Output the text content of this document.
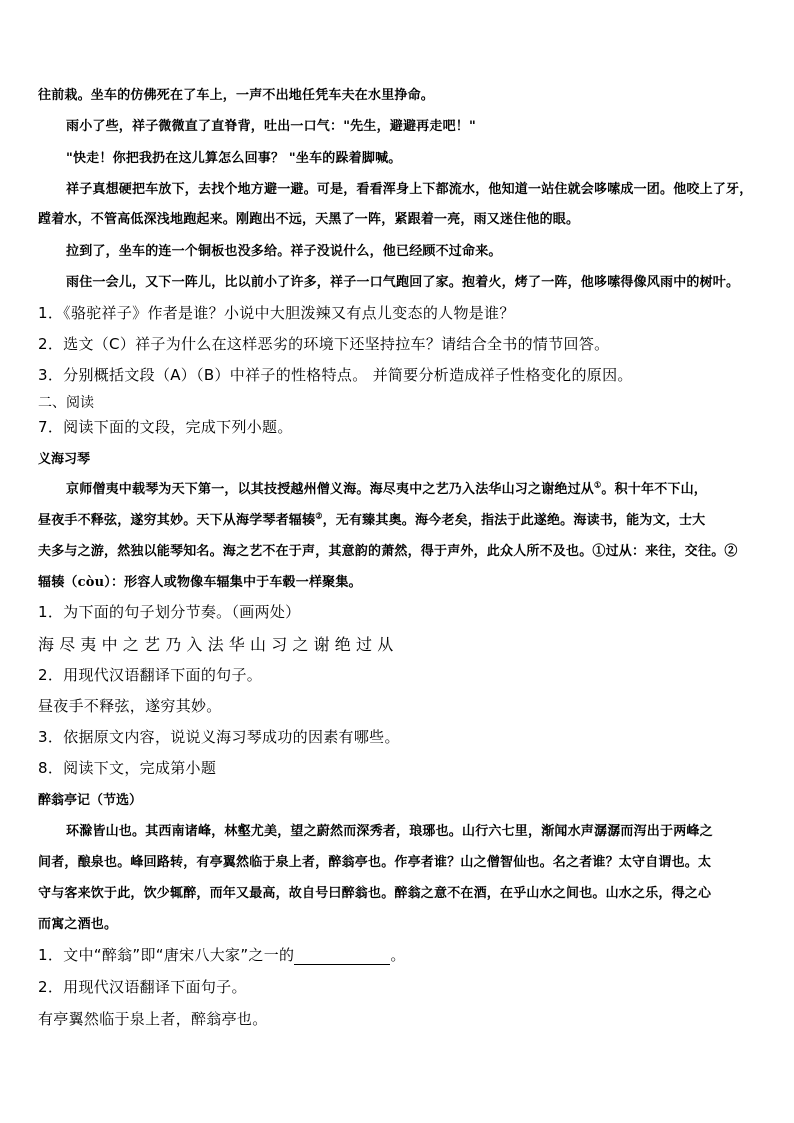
往前栽。坐车的仿佛死在了车上，一声不出地任凭车夫在水里挣命。
雨小了些，祥子微微直了直脊背，吐出一口气："先生，避避再走吧！"
"快走！你把我扔在这儿算怎么回事？ "坐车的跺着脚喊。
祥子真想硬把车放下，去找个地方避一避。可是，看看浑身上下都流水，他知道一站住就会哆嗦成一团。他咬上了牙，
蹚着水，不管高低深浅地跑起来。刚跑出不远，天黑了一阵，紧跟着一亮，雨又迷住他的眼。
拉到了，坐车的连一个铜板也没多给。祥子没说什么，他已经顾不过命来。
雨住一会儿，又下一阵儿，比以前小了许多，祥子一口气跑回了家。抱着火，烤了一阵，他哆嗦得像风雨中的树叶。
1．《骆驼祥子》作者是谁？小说中大胆泼辣又有点儿变态的人物是谁？
2．选文（C）祥子为什么在这样恶劣的环境下还坚持拉车？请结合全书的情节回答。
3．分别概括文段（A）（B）中祥子的性格特点。 并简要分析造成祥子性格变化的原因。
二、阅读
7．阅读下面的文段，完成下列小题。
义海习琴
京师僧夷中载琴为天下第一，以其技授越州僧义海。海尽夷中之艺乃入法华山习之谢绝过从①。积十年不下山，
昼夜手不释弦，遂穷其妙。天下从海学琴者辐辏②，无有臻其奥。海今老矣，指法于此遂绝。海读书，能为文，士大
夫多与之游，然独以能琴知名。海之艺不在于声，其意韵的萧然，得于声外，此众人所不及也。①过从：来往，交往。②
辐辏（còu）：形容人或物像车辐集中于车毂一样聚集。
1．为下面的句子划分节奏。（画两处）
海尽夷中之艺乃入法华山习之谢绝过从
2．用现代汉语翻译下面的句子。
昼夜手不释弦，遂穷其妙。
3．依据原文内容，说说义海习琴成功的因素有哪些。
8．阅读下文，完成第小题
醉翁亭记（节选）
环滁皆山也。其西南诸峰，林壑尤美，望之蔚然而深秀者，琅琊也。山行六七里，渐闻水声潺潺而泻出于两峰之
间者，酿泉也。峰回路转，有亭翼然临于泉上者，醉翁亭也。作亭者谁？山之僧智仙也。名之者谁？太守自谓也。太
守与客来饮于此，饮少辄醉，而年又最高，故自号曰醉翁也。醉翁之意不在酒，在乎山水之间也。山水之乐，得之心
而寓之酒也。
1．文中“醉翁”即“唐宋八大家”之一的	。
2．用现代汉语翻译下面句子。
有亭翼然临于泉上者，醉翁亭也。
